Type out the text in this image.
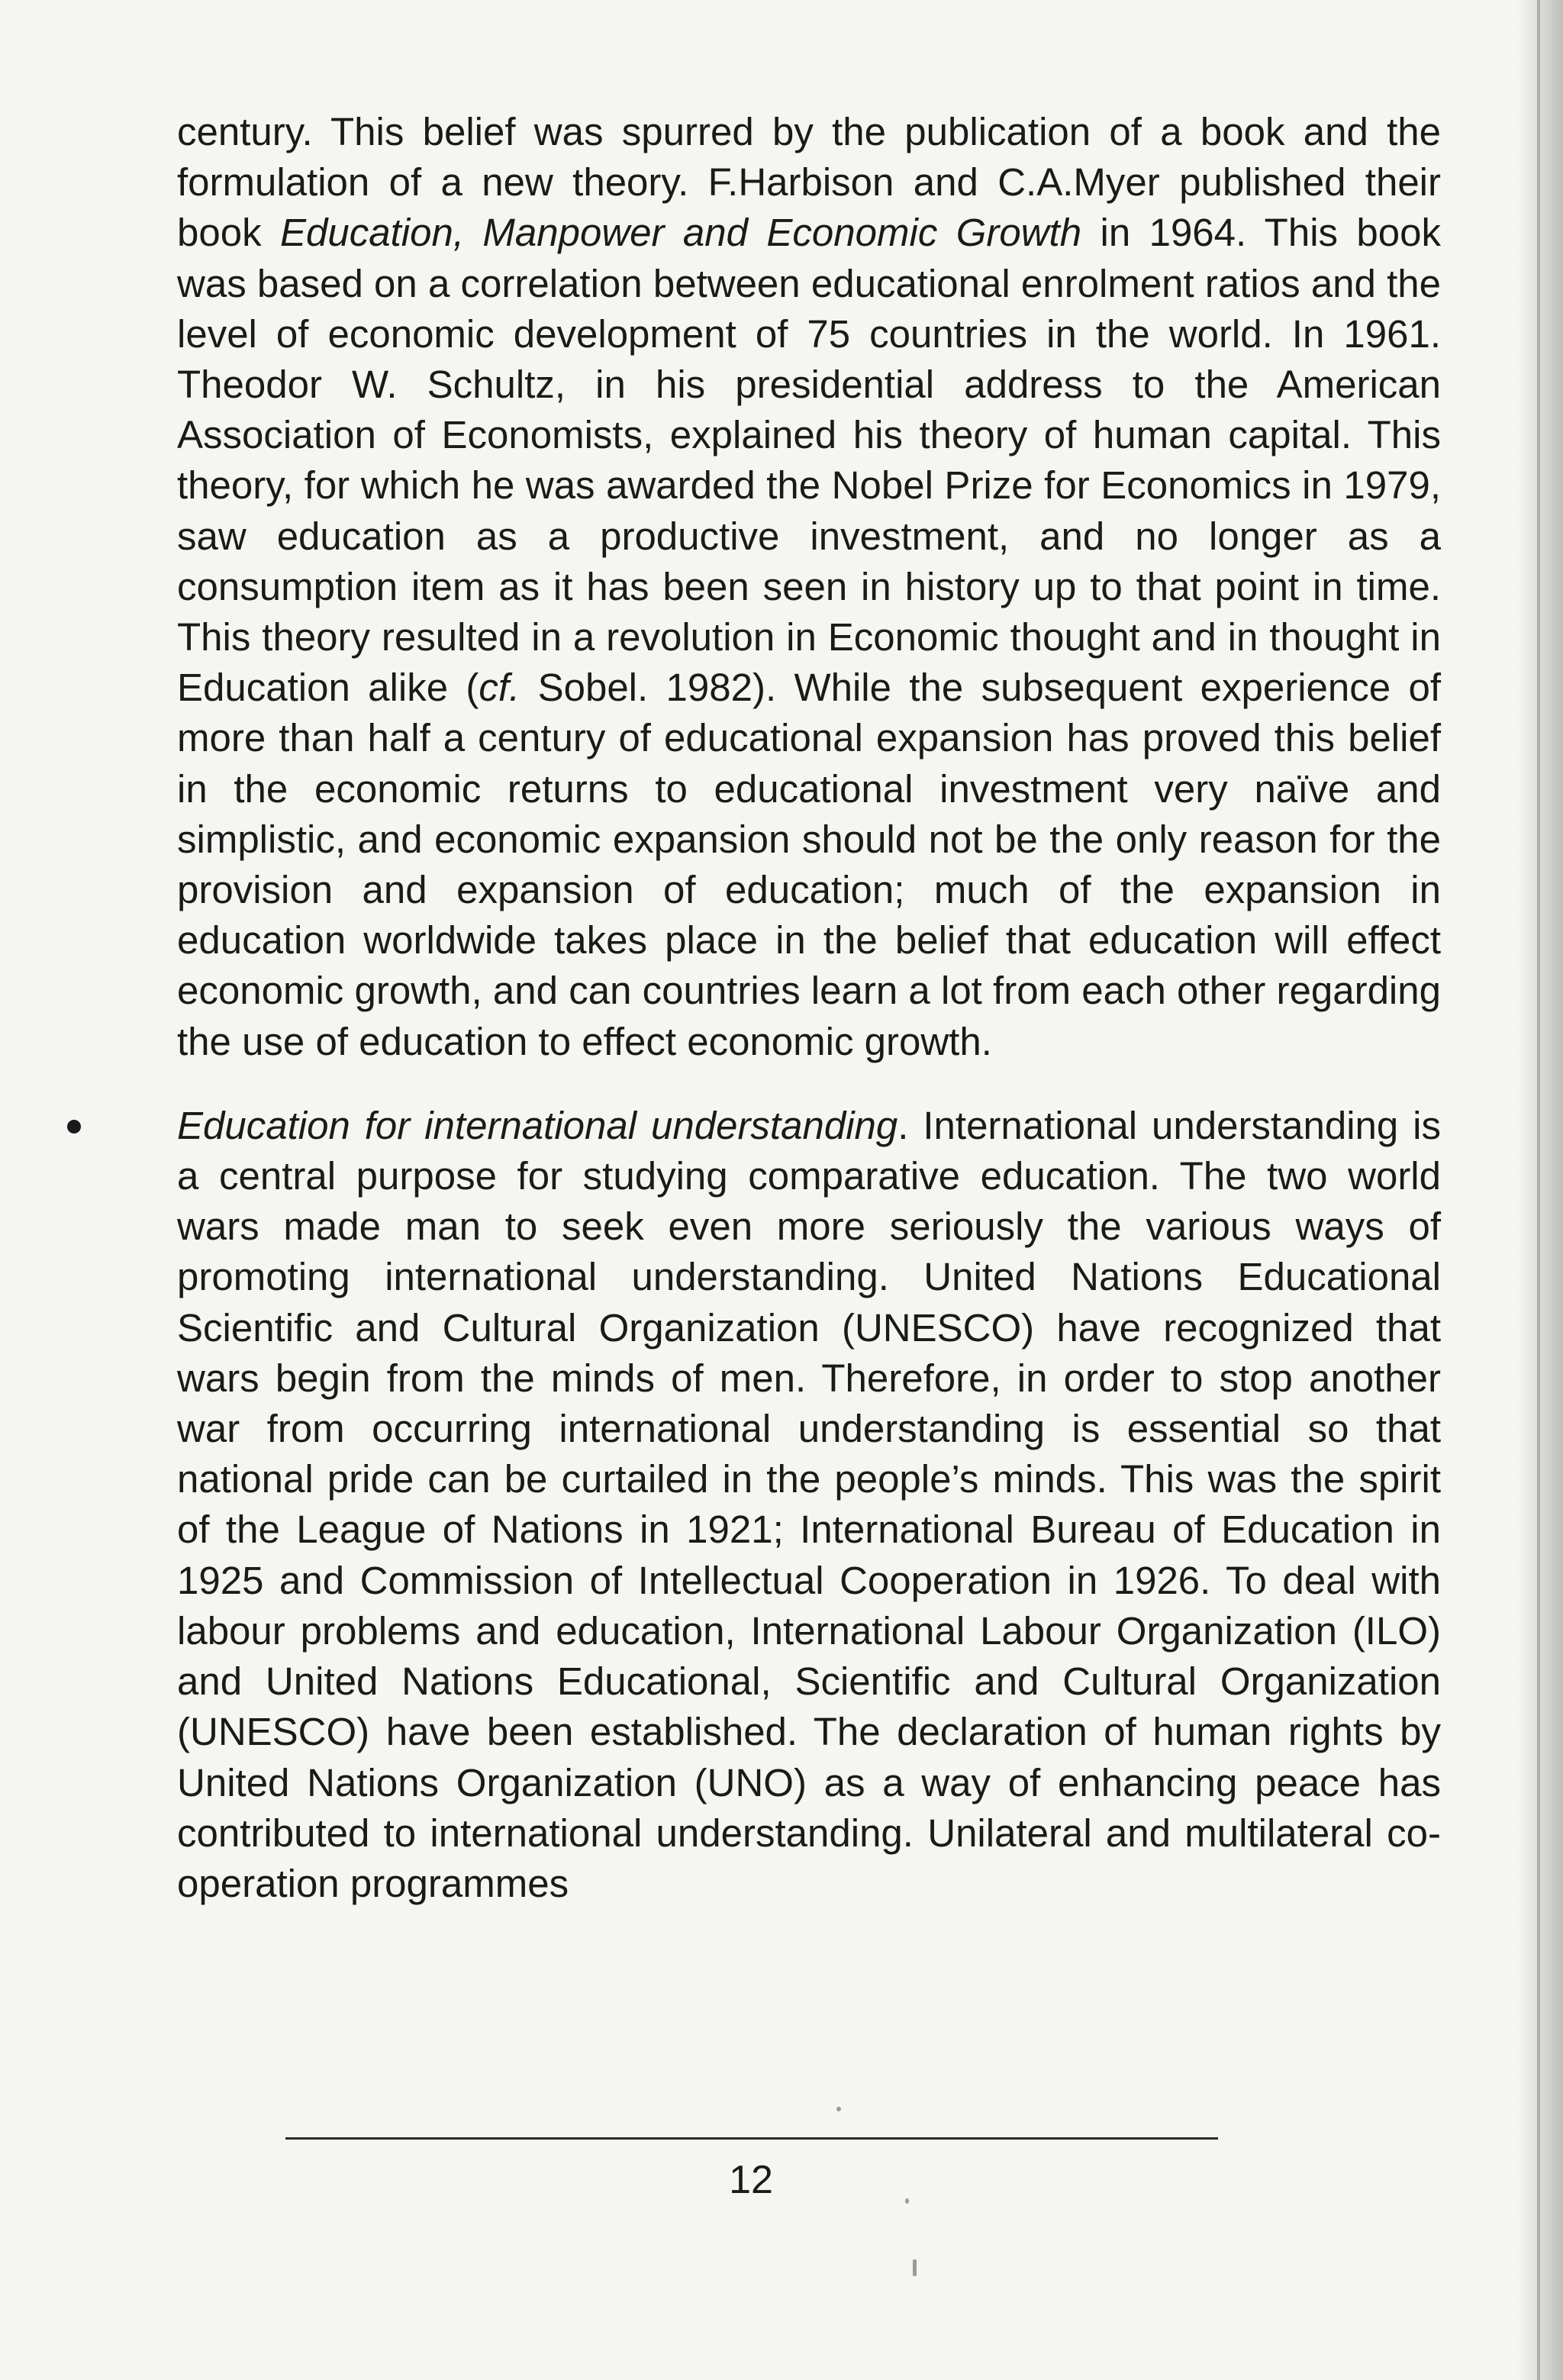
century. This belief was spurred by the publication of a book and the formulation of a new theory. F.Harbison and C.A.Myer published their book Education, Manpower and Economic Growth in 1964. This book was based on a correlation between educational enrolment ratios and the level of economic development of 75 countries in the world. In 1961. Theodor W. Schultz, in his presidential address to the American Association of Economists, explained his theory of human capital. This theory, for which he was awarded the Nobel Prize for Economics in 1979, saw education as a productive investment, and no longer as a consumption item as it has been seen in history up to that point in time. This theory resulted in a revolution in Economic thought and in thought in Education alike (cf. Sobel. 1982). While the subsequent experience of more than half a century of educational expansion has proved this belief in the economic returns to educational investment very naïve and simplistic, and economic expansion should not be the only reason for the provision and expansion of education; much of the expansion in education worldwide takes place in the belief that education will effect economic growth, and can countries learn a lot from each other regarding the use of education to effect economic growth.

Education for international understanding. International understanding is a central purpose for studying comparative education. The two world wars made man to seek even more seriously the various ways of promoting international understanding. United Nations Educational Scientific and Cultural Organization (UNESCO) have recognized that wars begin from the minds of men. Therefore, in order to stop another war from occurring international understanding is essential so that national pride can be curtailed in the people’s minds. This was the spirit of the League of Nations in 1921; International Bureau of Education in 1925 and Commission of Intellectual Cooperation in 1926. To deal with labour problems and education, International Labour Organization (ILO) and United Nations Educational, Scientific and Cultural Organization (UNESCO) have been established. The declaration of human rights by United Nations Organization (UNO) as a way of enhancing peace has contributed to international understanding. Unilateral and multilateral co-operation programmes

12
